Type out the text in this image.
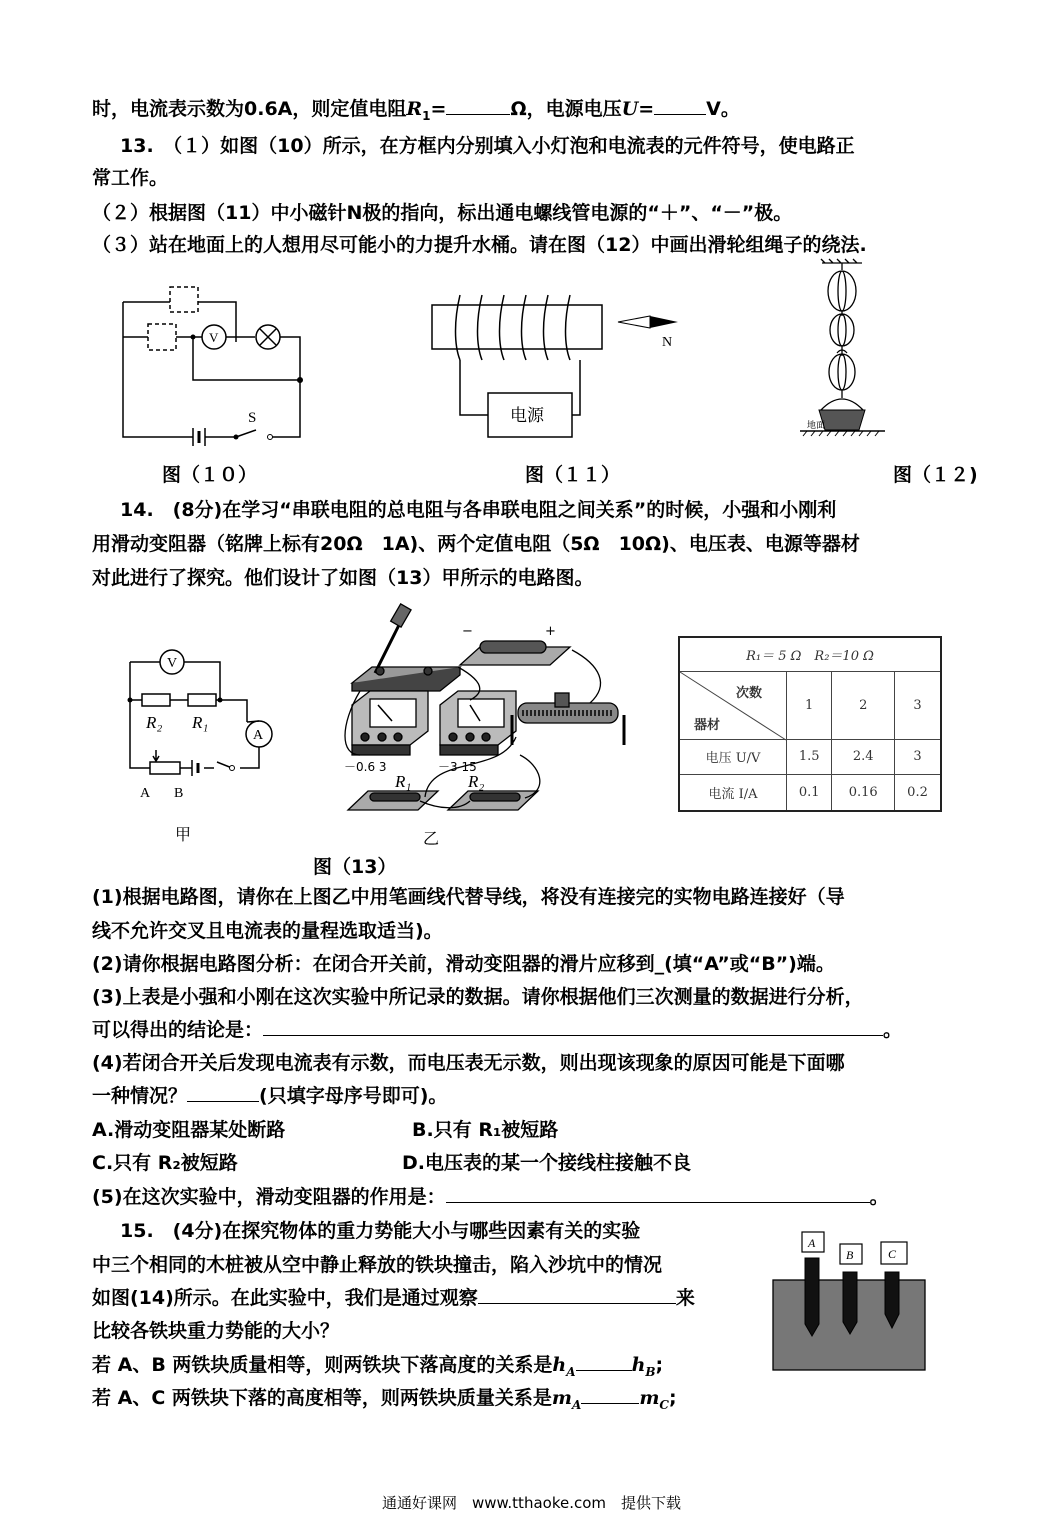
时，电流表示数为0.6A，则定值电阻$R_1=$	Ω，电源电压U=	V。
13.　（１）如图（10）所示，在方框内分别填入小灯泡和电流表的元件符号，使电路正
常工作。
（２）根据图（11）中小磁针N极的指向，标出通电螺线管电源的“＋”、“－”极。
（３）站在地面上的人想用尽可能小的力提升水桶。请在图（12）中画出滑轮组绳子的绕法.
V
S
N
电源	地面
图（１０）	图（１１）	图（１２)
14.　(8分)在学习“串联电阻的总电阻与各串联电阻之间关系”的时候，小强和小刚利
用滑动变阻器（铭牌上标有20Ω　1A)、两个定值电阻（5Ω　10Ω)、电压表、电源等器材
对此进行了探究。他们设计了如图（13）甲所示的电路图。
V
A
R₂ R₁
A B
甲
−	+
－0.6 3	－3 15
R₁	R₂
乙
R₁＝ 5 Ω　R₂＝10 Ω			

次数
器材	1	2	3
电压 U/V	1.5	2.4	3
电流 I/A	0.1	0.16	0.2
图（13）
(1)根据电路图，请你在上图乙中用笔画线代替导线，将没有连接完的实物电路连接好（导
线不允许交叉且电流表的量程选取适当)。
(2)请你根据电路图分析：在闭合开关前，滑动变阻器的滑片应移到_(填“A”或“B”)端。
(3)上表是小强和小刚在这次实验中所记录的数据。请你根据他们三次测量的数据进行分析，
可以得出的结论是：	。
(4)若闭合开关后发现电流表有示数，而电压表无示数，则出现该现象的原因可能是下面哪
一种情况？	(只填字母序号即可)。
A.滑动变阻器某处断路	B.只有 R₁被短路
C.只有 R₂被短路	D.电压表的某一个接线柱接触不良
(5)在这次实验中，滑动变阻器的作用是：	。
15.　(4分)在探究物体的重力势能大小与哪些因素有关的实验
中三个相同的木桩被从空中静止释放的铁块撞击，陷入沙坑中的情况
如图(14)所示。在此实验中，我们是通过观察	来
比较各铁块重力势能的大小？
若 A、B 两铁块质量相等，则两铁块下落高度的关系是$h_A$	$h_B$;
若 A、C 两铁块下落的高度相等，则两铁块质量关系是$m_A$	$m_C$;
A
B	C
通通好课网　www.tthaoke.com　提供下载
